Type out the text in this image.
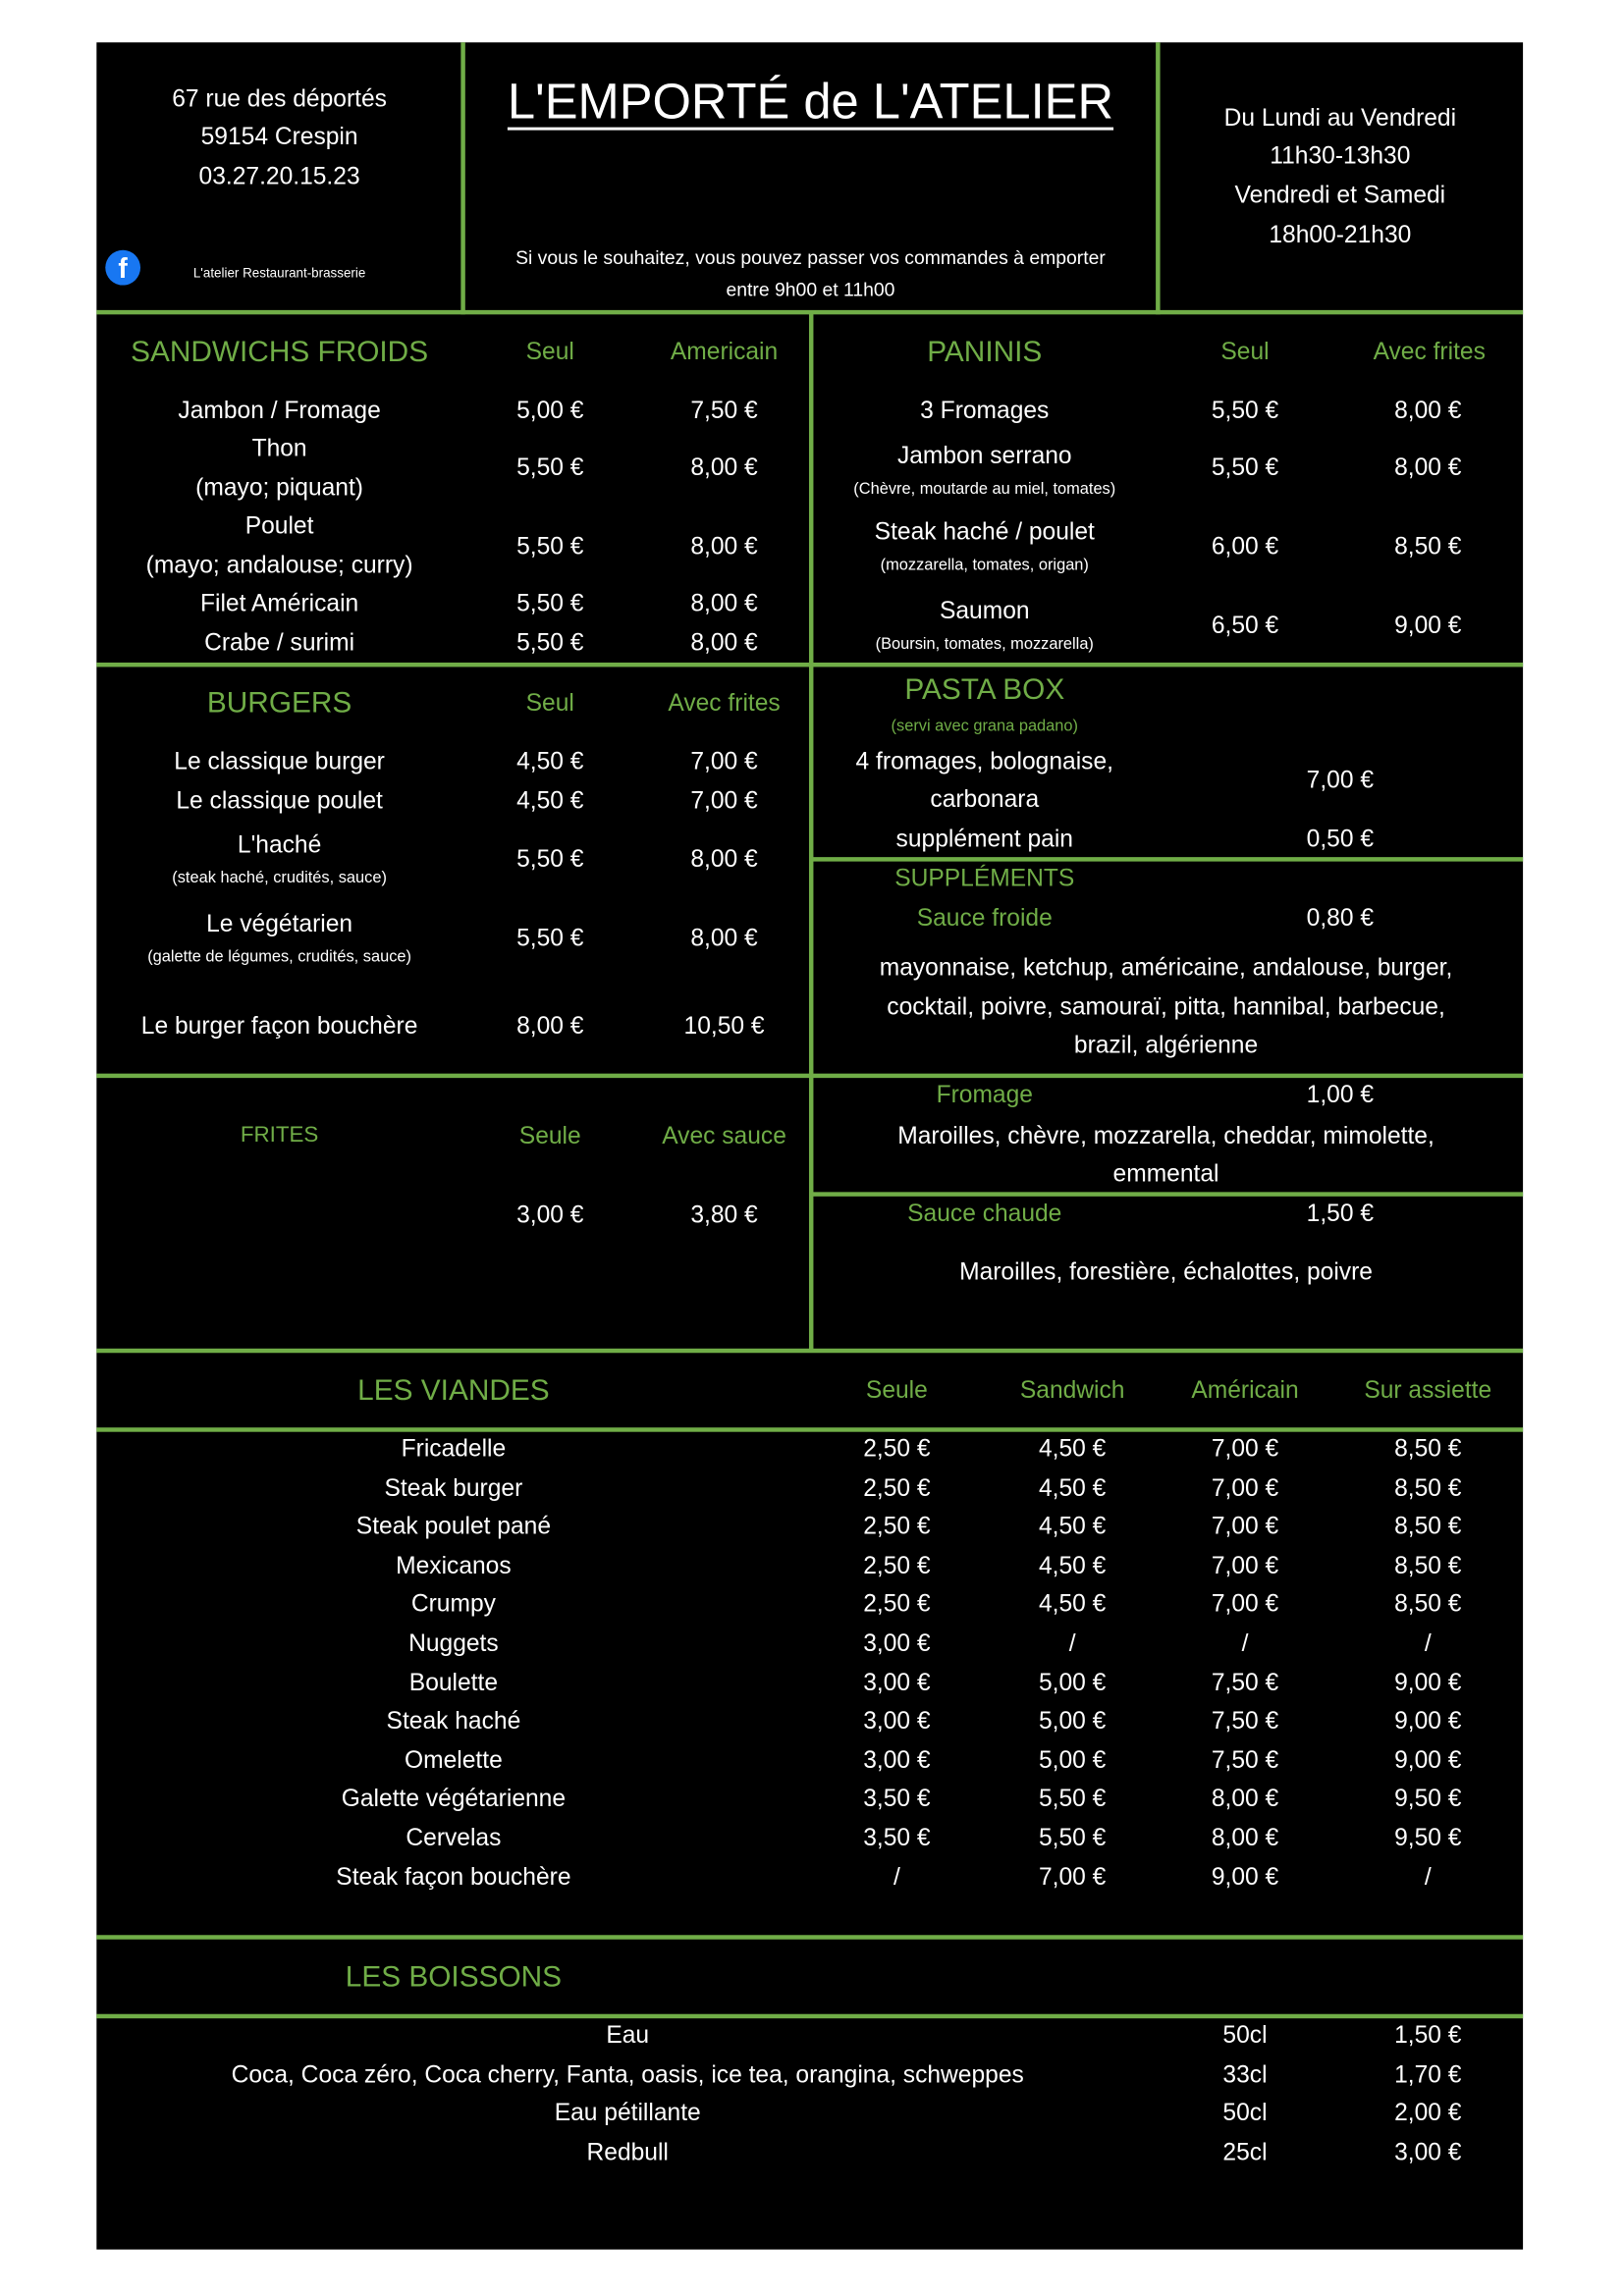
67 rue des déportés
59154 Crespin
03.27.20.15.23
f	L'atelier Restaurant-brasserie
L'EMPORTÉ de L'ATELIER
Si vous le souhaitez, vous pouvez passer vos commandes à emporter
entre 9h00 et 11h00
Du Lundi au Vendredi
11h30-13h30
Vendredi et Samedi
18h00-21h30
SANDWICHS FROIDS	Seul	Americain
Jambon / Fromage	5,00 €	7,50 €
Thon
(mayo; piquant)
5,50 €	8,00 €
Poulet
(mayo; andalouse; curry)
5,50 €	8,00 €
Filet Américain	5,50 €	8,00 €
Crabe / surimi	5,50 €	8,00 €
PANINIS	Seul	Avec frites
3 Fromages	5,50 €	8,00 €
Jambon serrano
(Chèvre, moutarde au miel, tomates)
5,50 €	8,00 €
Steak haché / poulet
(mozzarella, tomates, origan)
6,00 €	8,50 €
Saumon
(Boursin, tomates, mozzarella)
6,50 €	9,00 €
BURGERS	Seul	Avec frites
Le classique burger	4,50 €	7,00 €
Le classique poulet	4,50 €	7,00 €
L'haché
(steak haché, crudités, sauce)
5,50 €	8,00 €
Le végétarien
(galette de légumes, crudités, sauce)
5,50 €	8,00 €
Le burger façon bouchère	8,00 €	10,50 €
PASTA BOX
(servi avec grana padano)
4 fromages, bolognaise,
carbonara
7,00 €
supplément pain	0,50 €
SUPPLÉMENTS
Sauce froide	0,80 €
mayonnaise, ketchup, américaine, andalouse, burger,
cocktail, poivre, samouraï, pitta, hannibal, barbecue,
brazil, algérienne
Fromage	1,00 €
Maroilles, chèvre, mozzarella, cheddar, mimolette,
emmental
Sauce chaude	1,50 €
Maroilles, forestière, échalottes, poivre
FRITES	Seule	Avec sauce
3,00 €	3,80 €
LES VIANDES	Seule	Sandwich	Américain	Sur assiette
Fricadelle	2,50 €	4,50 €	7,00 €	8,50 €
Steak burger	2,50 €	4,50 €	7,00 €	8,50 €
Steak poulet pané	2,50 €	4,50 €	7,00 €	8,50 €
Mexicanos	2,50 €	4,50 €	7,00 €	8,50 €
Crumpy	2,50 €	4,50 €	7,00 €	8,50 €
Nuggets	3,00 €	/	/	/
Boulette	3,00 €	5,00 €	7,50 €	9,00 €
Steak haché	3,00 €	5,00 €	7,50 €	9,00 €
Omelette	3,00 €	5,00 €	7,50 €	9,00 €
Galette végétarienne	3,50 €	5,50 €	8,00 €	9,50 €
Cervelas	3,50 €	5,50 €	8,00 €	9,50 €
Steak façon bouchère	/	7,00 €	9,00 €	/
LES BOISSONS
Eau	50cl	1,50 €
Coca, Coca zéro, Coca cherry, Fanta, oasis, ice tea, orangina, schweppes	33cl	1,70 €
Eau pétillante	50cl	2,00 €
Redbull	25cl	3,00 €
